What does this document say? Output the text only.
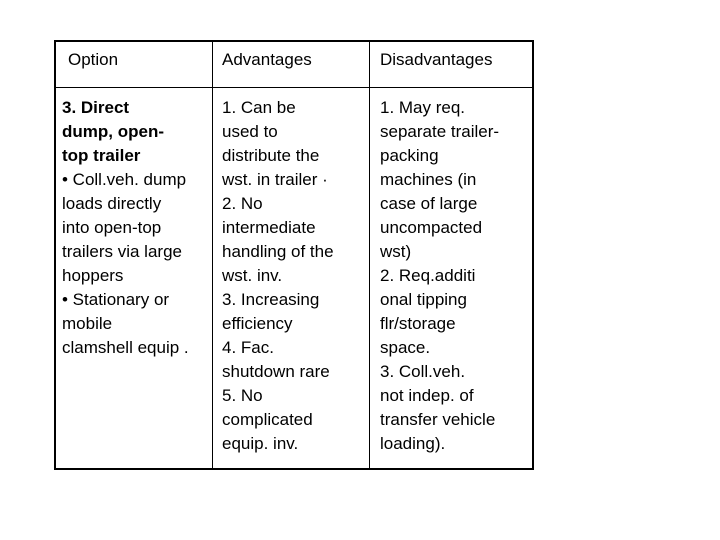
Option	Advantages	Disadvantages
3. Direct
dump, open-
top trailer
• Coll.veh. dump
loads directly
into open-top
trailers via large
hoppers
• Stationary or
mobile
clamshell equip .
1. Can be
used to
distribute the
wst. in trailer ·
2. No
intermediate
handling of the
wst. inv.
3. Increasing
efficiency
4. Fac.
shutdown rare
5. No
complicated
equip. inv.
1. May req.
separate trailer-
packing
machines (in
case of large
uncompacted
wst)
2. Req.additi
onal tipping
flr/storage
space.
3. Coll.veh.
not indep. of
transfer vehicle
loading).
